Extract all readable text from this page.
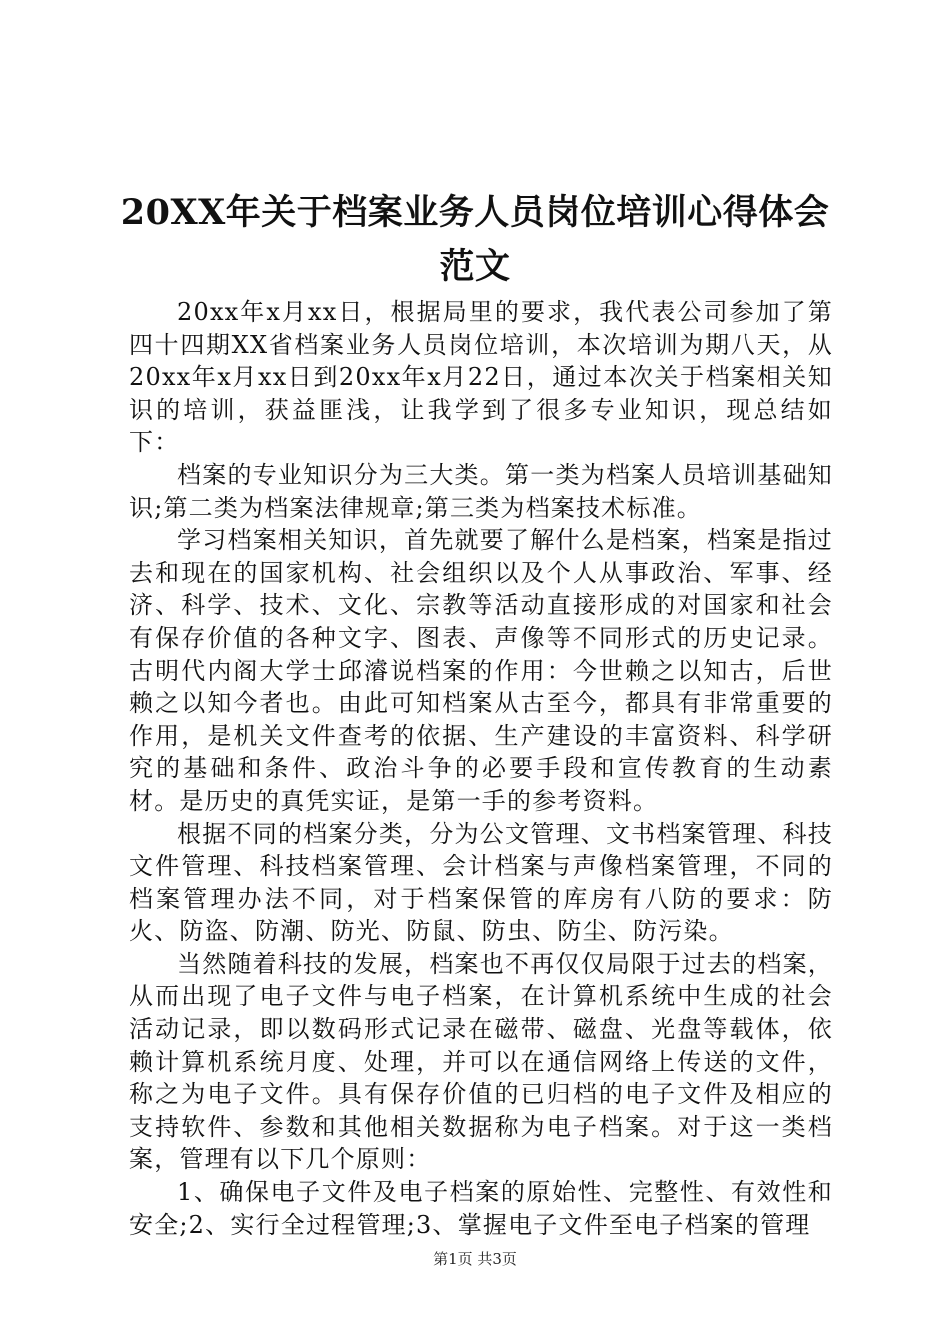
20XX年关于档案业务人员岗位培训心得体会范文

20xx年x月xx日，根据局里的要求，我代表公司参加了第四十四期XX省档案业务人员岗位培训，本次培训为期八天，从20xx年x月xx日到20xx年x月22日，通过本次关于档案相关知识的培训，获益匪浅，让我学到了很多专业知识，现总结如下：

档案的专业知识分为三大类。第一类为档案人员培训基础知识;第二类为档案法律规章;第三类为档案技术标准。

学习档案相关知识，首先就要了解什么是档案，档案是指过去和现在的国家机构、社会组织以及个人从事政治、军事、经济、科学、技术、文化、宗教等活动直接形成的对国家和社会有保存价值的各种文字、图表、声像等不同形式的历史记录。古明代内阁大学士邱濬说档案的作用：今世赖之以知古，后世赖之以知今者也。由此可知档案从古至今，都具有非常重要的作用，是机关文件查考的依据、生产建设的丰富资料、科学研究的基础和条件、政治斗争的必要手段和宣传教育的生动素材。是历史的真凭实证，是第一手的参考资料。

根据不同的档案分类，分为公文管理、文书档案管理、科技文件管理、科技档案管理、会计档案与声像档案管理，不同的档案管理办法不同，对于档案保管的库房有八防的要求：防火、防盗、防潮、防光、防鼠、防虫、防尘、防污染。

当然随着科技的发展，档案也不再仅仅局限于过去的档案，从而出现了电子文件与电子档案，在计算机系统中生成的社会活动记录，即以数码形式记录在磁带、磁盘、光盘等载体，依赖计算机系统月度、处理，并可以在通信网络上传送的文件，称之为电子文件。具有保存价值的已归档的电子文件及相应的支持软件、参数和其他相关数据称为电子档案。对于这一类档案，管理有以下几个原则：

1、确保电子文件及电子档案的原始性、完整性、有效性和安全;2、实行全过程管理;3、掌握电子文件至电子档案的管理

第1页 共3页
